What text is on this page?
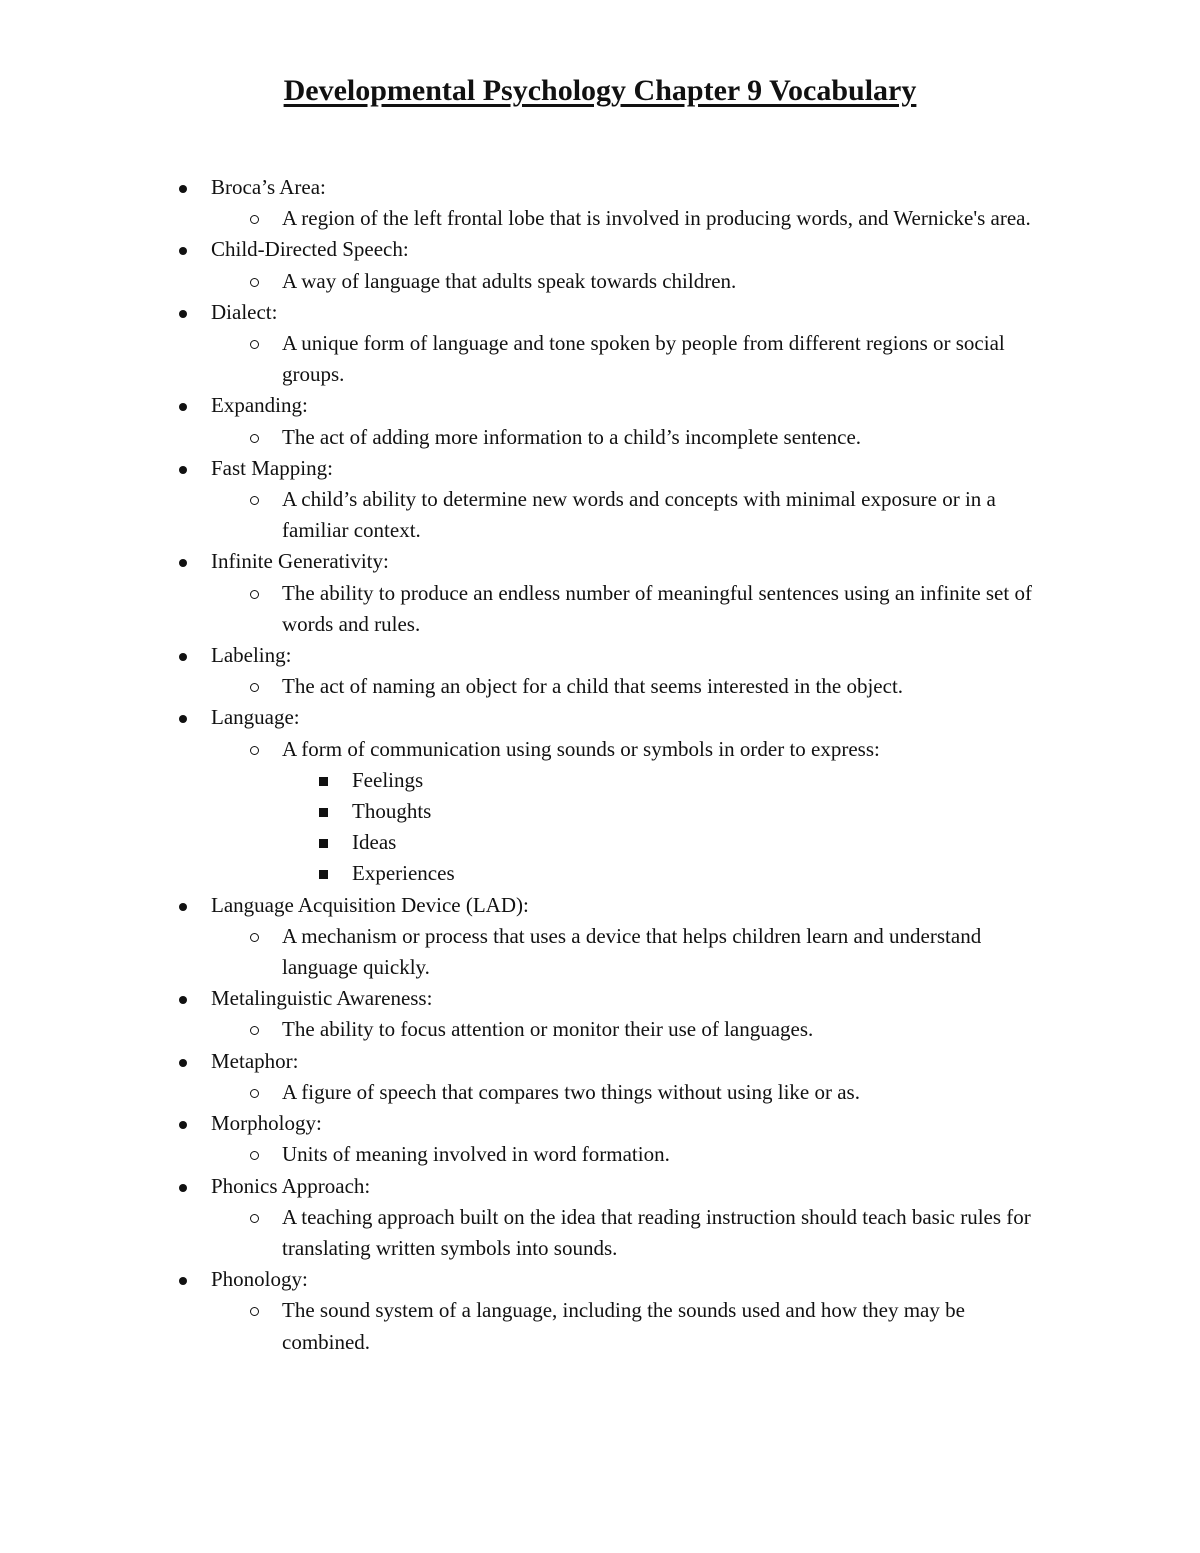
Developmental Psychology Chapter 9 Vocabulary
Broca’s Area:
A region of the left frontal lobe that is involved in producing words, and Wernicke's area.
Child-Directed Speech:
A way of language that adults speak towards children.
Dialect:
A unique form of language and tone spoken by people from different regions or social groups.
Expanding:
The act of adding more information to a child’s incomplete sentence.
Fast Mapping:
A child’s ability to determine new words and concepts with minimal exposure or in a familiar context.
Infinite Generativity:
The ability to produce an endless number of meaningful sentences using an infinite set of words and rules.
Labeling:
The act of naming an object for a child that seems interested in the object.
Language:
A form of communication using sounds or symbols in order to express:
Feelings
Thoughts
Ideas
Experiences
Language Acquisition Device (LAD):
A mechanism or process that uses a device that helps children learn and understand language quickly.
Metalinguistic Awareness:
The ability to focus attention or monitor their use of languages.
Metaphor:
A figure of speech that compares two things without using like or as.
Morphology:
Units of meaning involved in word formation.
Phonics Approach:
A teaching approach built on the idea that reading instruction should teach basic rules for translating written symbols into sounds.
Phonology:
The sound system of a language, including the sounds used and how they may be combined.
